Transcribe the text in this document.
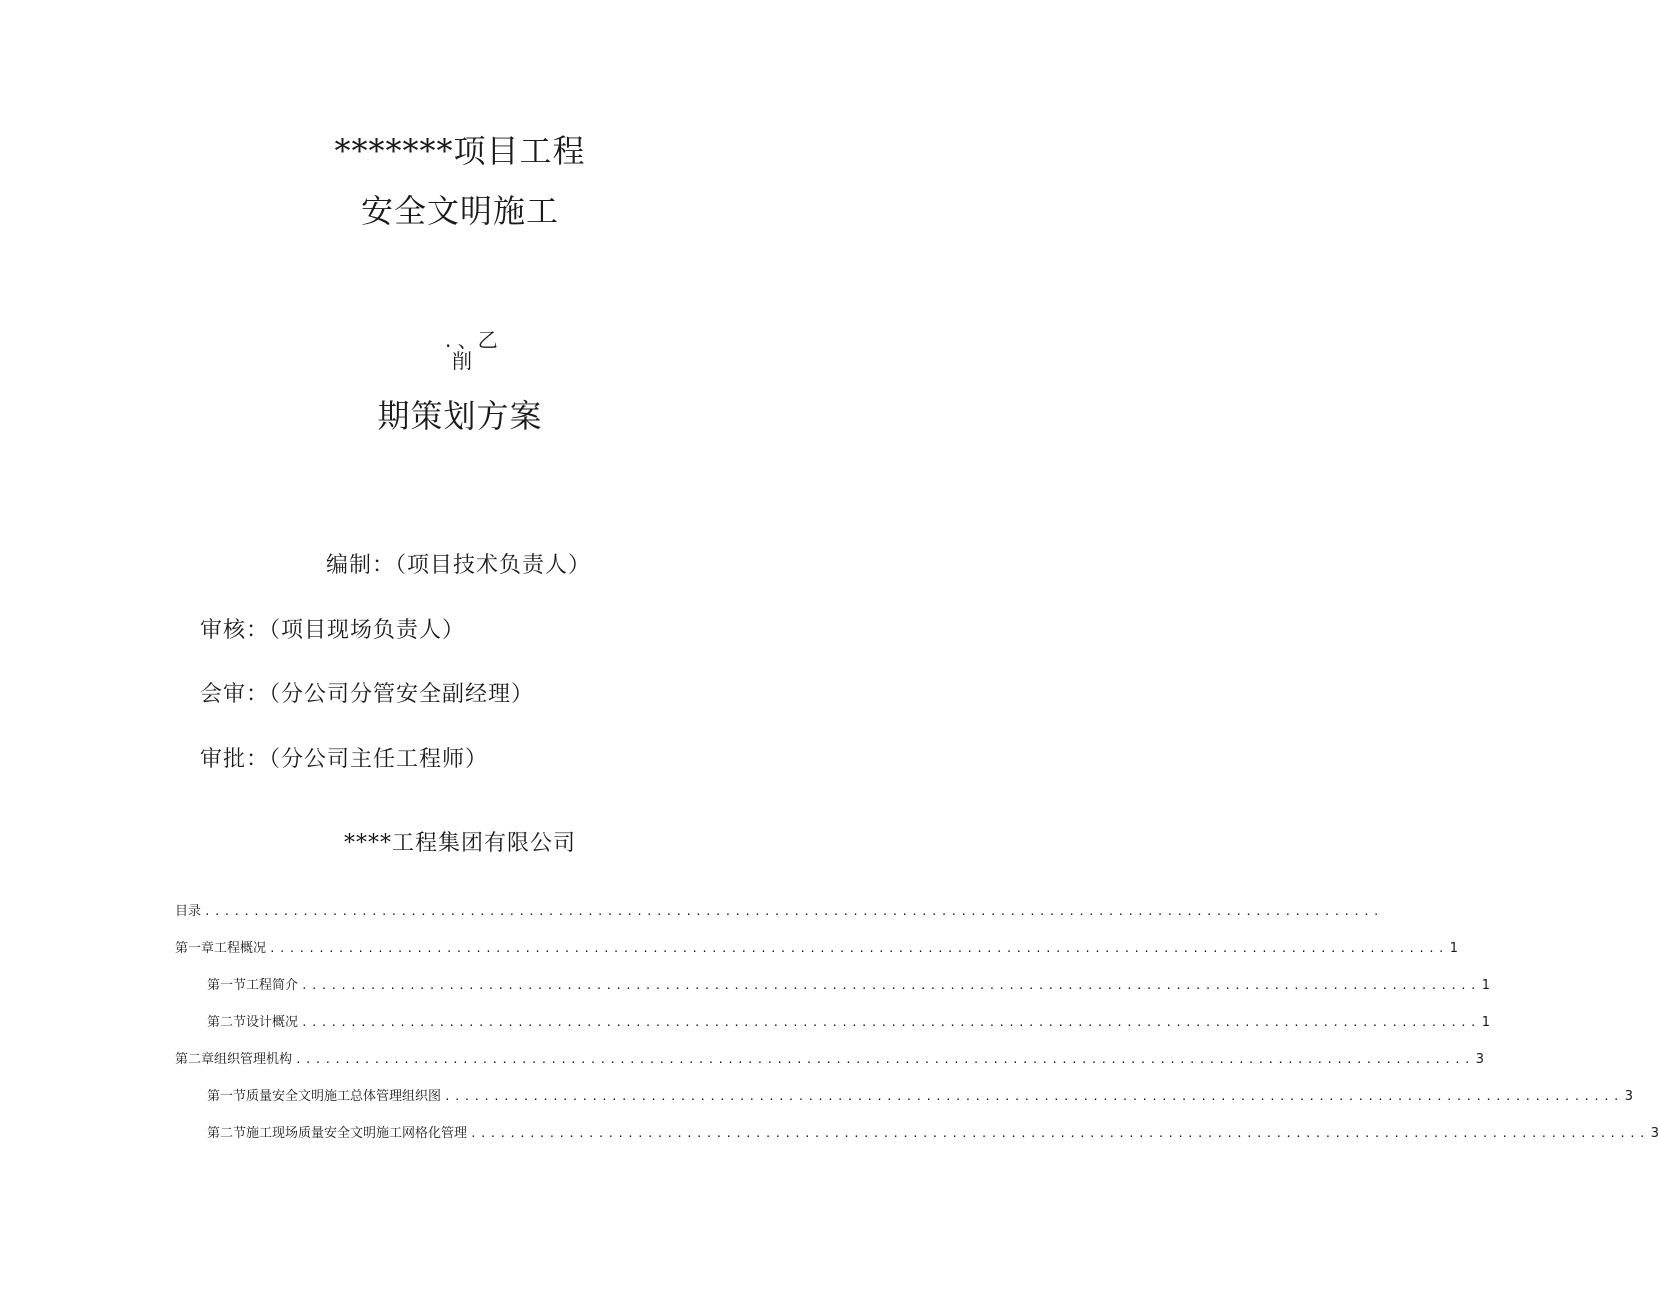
*******项目工程
安全文明施工
. 、乙
削
期策划方案
编制：（项目技术负责人）
审核：（项目现场负责人）
会审：（分公司分管安全副经理）
审批：（分公司主任工程师）
****工程集团有限公司
目录 ........................................................................................................................
第一章工程概况 ........................................................................................................................ 1
第一节工程简介 ........................................................................................................................ 1
第二节设计概况 ........................................................................................................................ 1
第二章组织管理机构 ........................................................................................................................ 3
第一节质量安全文明施工总体管理组织图 ........................................................................................................................ 3
第二节施工现场质量安全文明施工网格化管理 ........................................................................................................................ 3
